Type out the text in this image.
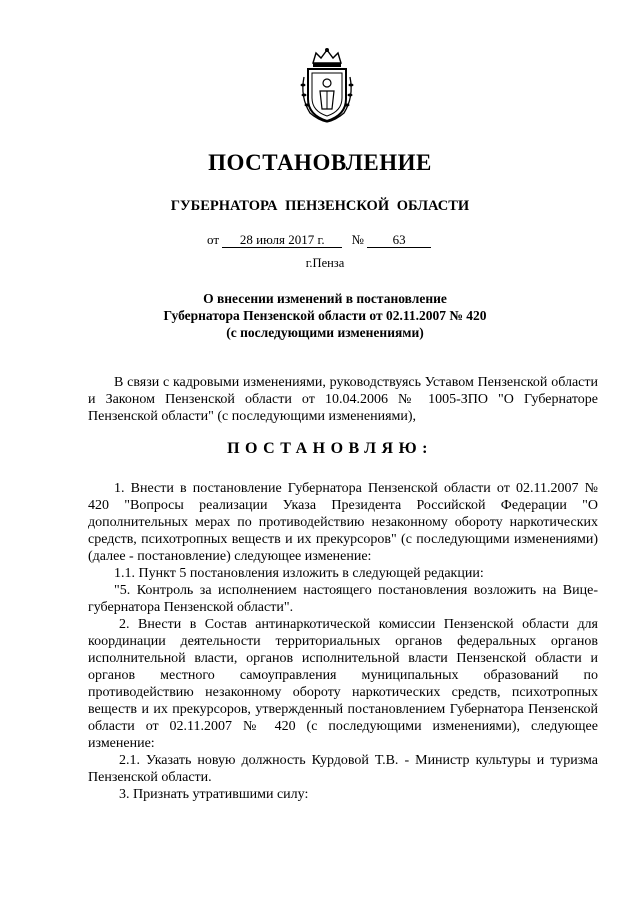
ПОСТАНОВЛЕНИЕ
ГУБЕРНАТОРА ПЕНЗЕНСКОЙ ОБЛАСТИ
от 28 июля 2017 г. № 63
г.Пенза
О внесении изменений в постановление
Губернатора Пензенской области от 02.11.2007 № 420
(с последующими изменениями)

В связи с кадровыми изменениями, руководствуясь Уставом Пензенской области и Законом Пензенской области от 10.04.2006 № 1005-ЗПО "О Губернаторе Пензенской области" (с последующими изменениями),

ПОСТАНОВЛЯЮ:

1. Внести в постановление Губернатора Пензенской области от 02.11.2007 № 420 "Вопросы реализации Указа Президента Российской Федерации "О дополнительных мерах по противодействию незаконному обороту наркотических средств, психотропных веществ и их прекурсоров" (с последующими изменениями) (далее - постановление) следующее изменение:

1.1. Пункт 5 постановления изложить в следующей редакции:

"5. Контроль за исполнением настоящего постановления возложить на Вице-губернатора Пензенской области".

2. Внести в Состав антинаркотической комиссии Пензенской области для координации деятельности территориальных органов федеральных органов исполнительной власти, органов исполнительной власти Пензенской области и органов местного самоуправления муниципальных образований по противодействию незаконному обороту наркотических средств, психотропных веществ и их прекурсоров, утвержденный постановлением Губернатора Пензенской области от 02.11.2007 № 420 (с последующими изменениями), следующее изменение:

2.1. Указать новую должность Курдовой Т.В. - Министр культуры и туризма Пензенской области.

3. Признать утратившими силу:
